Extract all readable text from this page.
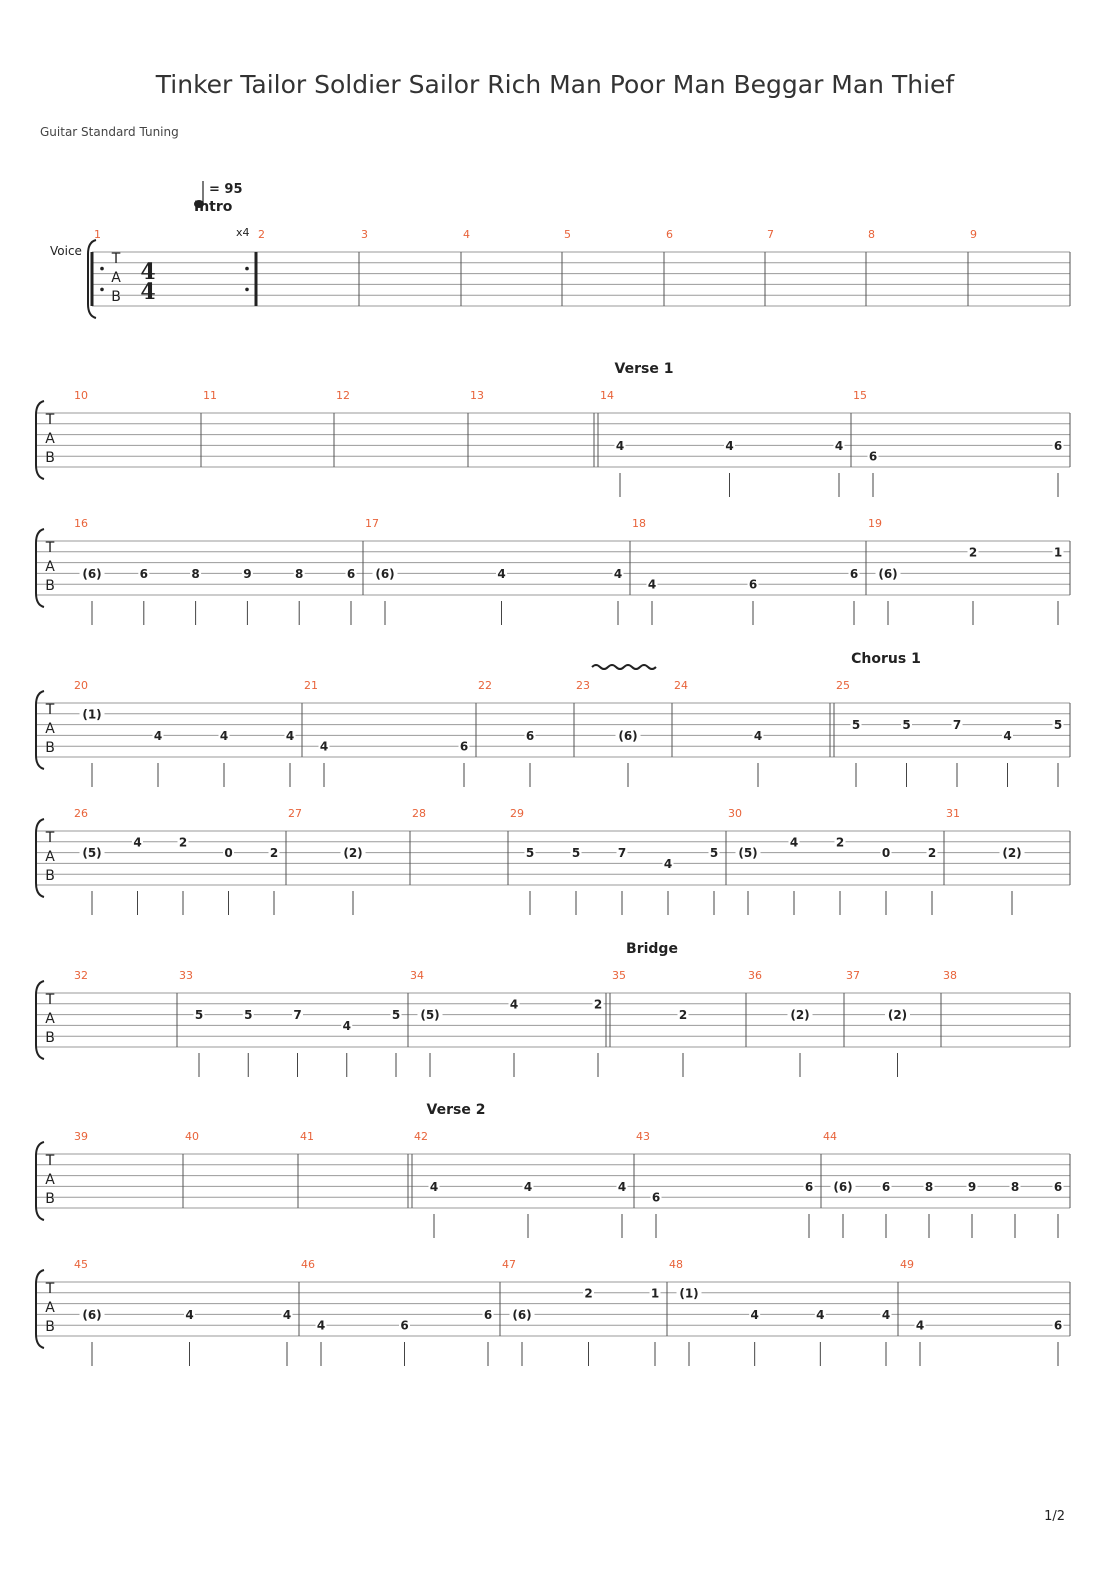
Tinker Tailor Soldier Sailor Rich Man Poor Man Beggar Man Thief
Guitar Standard Tuning
1/2
T
A
B
1	2	3	4	5	6	7	8	9
T
A
B
10	11	12	13	14
4	4	4
15
6
6
T
A
B
16
(6)	6	8	9	8	6
17
(6)	4	4
18
4	6
6
19
(6)
2	1
T
A
B
20
(1)
4	4	4
21
4	6
22
6
23
(6)
24
4
25
5	5	7
4
5
T
A
B
26
(5)
4	2
0	2
27
(2)
28	29
5	5	7
4
5
30
(5)
4	2
0	2
31
(2)
T
A
B
32	33
5	5	7
4
5
34
(5)
4	2
35
2
36
(2)
37
(2)
38
T
A
B
39	40	41	42
4	4	4
43
6
6
44
(6) 6	8	9	8	6
T
A
B
45
(6)	4	4
46
4	6
6
47
(6)
2	1
48
(1)
4	4	4
49
4	6
4
4
x4
Voice
= 95
Intro
Verse 1
Chorus 1
Bridge
Verse 2
